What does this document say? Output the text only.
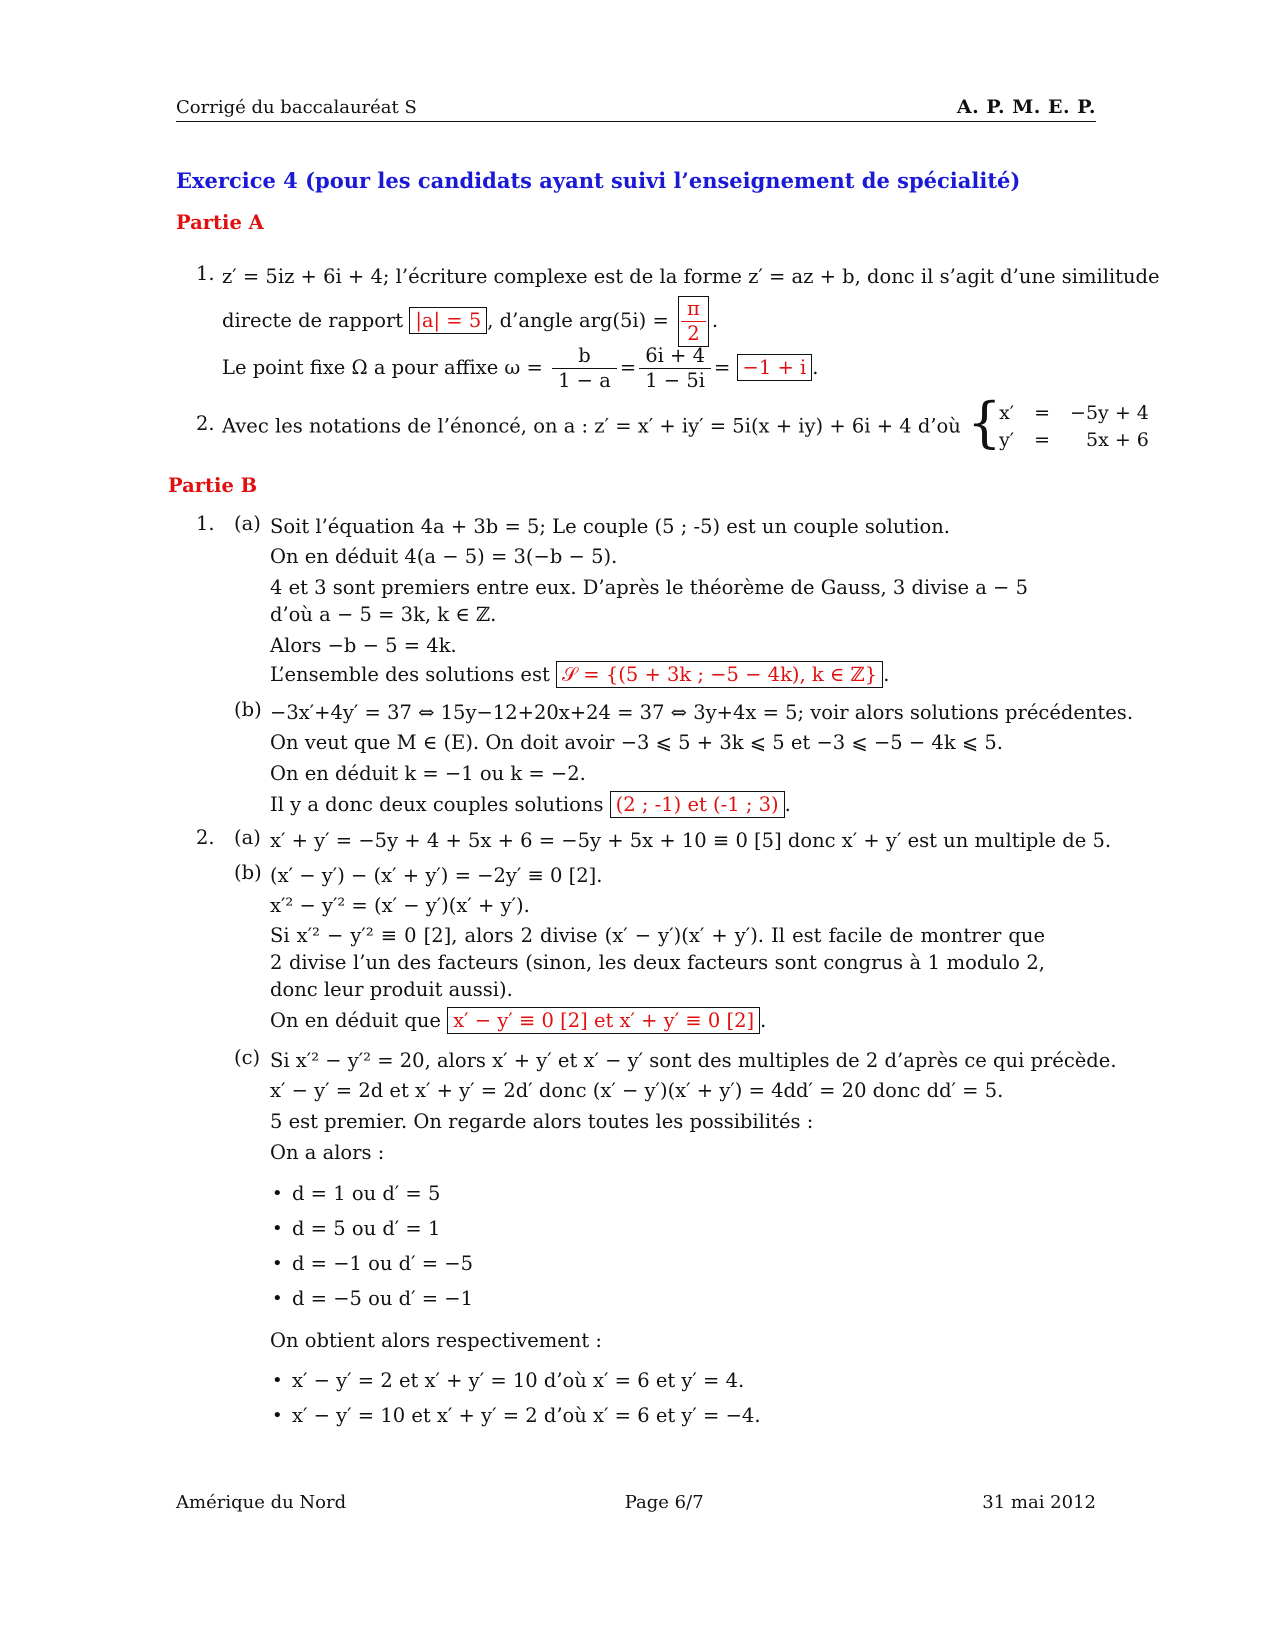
Corrigé du baccalauréat S	A. P. M. E. P.
Exercice 4 (pour les candidats ayant suivi l’enseignement de spécialité)
Partie A
1. z′ = 5iz + 6i + 4; l’écriture complexe est de la forme z′ = az + b, donc il s’agit d’une similitude
directe de rapport |a| = 5 , d’angle $arg(5i) = \frac{\pi}{2}$ .
Le point fixe Ω a pour affixe $\omega = \frac{b}{1 - a} = \frac{6i + 4}{1 - 5i} = -1 + i$ .
2. Avec les notations de l’énoncé, on a : z′ = x′ + iy′ = 5i(x + iy) + 6i + 4 d’où {
x′	=	−5y + 4
y′	=	5x + 6
Partie B
1. (a) Soit l’équation 4a + 3b = 5; Le couple (5 ; -5) est un couple solution.
On en déduit 4(a − 5) = 3(−b − 5).
4 et 3 sont premiers entre eux. D’après le théorème de Gauss, 3 divise a − 5 d’où a − 5 = 3k, k ∈ ℤ.
Alors −b − 5 = 4k.
L’ensemble des solutions est 𝒮 = {(5 + 3k ; −5 − 4k), k ∈ ℤ} .
(b) −3x′+4y′ = 37 ⇔ 15y−12+20x+24 = 37 ⇔ 3y+4x = 5; voir alors solutions précédentes.
On veut que M ∈ (E). On doit avoir −3 ⩽ 5 + 3k ⩽ 5 et −3 ⩽ −5 − 4k ⩽ 5.
On en déduit k = −1 ou k = −2.
Il y a donc deux couples solutions (2 ; -1) et (-1 ; 3) .
2. (a) x′ + y′ = −5y + 4 + 5x + 6 = −5y + 5x + 10 ≡ 0 [5] donc x′ + y′ est un multiple de 5.
(b) (x′ − y′) − (x′ + y′) = −2y′ ≡ 0 [2].
x′² − y′² = (x′ − y′)(x′ + y′).
Si x′² − y′² ≡ 0 [2], alors 2 divise (x′ − y′)(x′ + y′). Il est facile de montrer que 2 divise l’un des facteurs (sinon, les deux facteurs sont congrus à 1 modulo 2, donc leur produit aussi).
On en déduit que x′ − y′ ≡ 0 [2] et x′ + y′ ≡ 0 [2] .
(c) Si x′² − y′² = 20, alors x′ + y′ et x′ − y′ sont des multiples de 2 d’après ce qui précède.
x′ − y′ = 2d et x′ + y′ = 2d′ donc (x′ − y′)(x′ + y′) = 4dd′ = 20 donc dd′ = 5.
5 est premier. On regarde alors toutes les possibilités :
On a alors :
• d = 1 ou d′ = 5
• d = 5 ou d′ = 1
• d = −1 ou d′ = −5
• d = −5 ou d′ = −1
On obtient alors respectivement :
• x′ − y′ = 2 et x′ + y′ = 10 d’où x′ = 6 et y′ = 4.
• x′ − y′ = 10 et x′ + y′ = 2 d’où x′ = 6 et y′ = −4.
Amérique du Nord	Page 6/7	31 mai 2012
